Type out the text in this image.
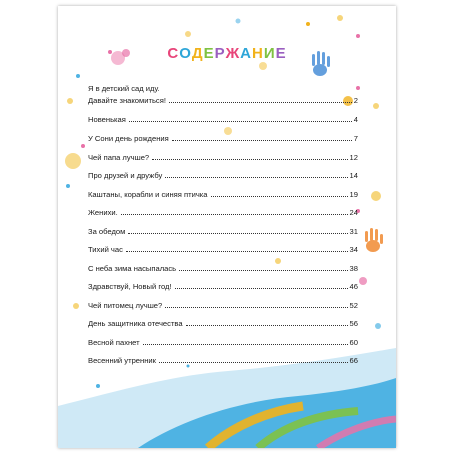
СОДЕРЖАНИЕ
Я в детский сад иду.
Давайте знакомиться!	2
Новенькая	4
У Сони день рождения	7
Чей папа лучше?	12
Про друзей и дружбу	14
Каштаны, корабли и синяя птичка	19
Женихи.	24
За обедом	31
Тихий час	34
С неба зима насыпалась	38
Здравствуй, Новый год!	46
Чей питомец лучше?	52
День защитника отечества	56
Весной пахнет	60
Весенний утренник	66
